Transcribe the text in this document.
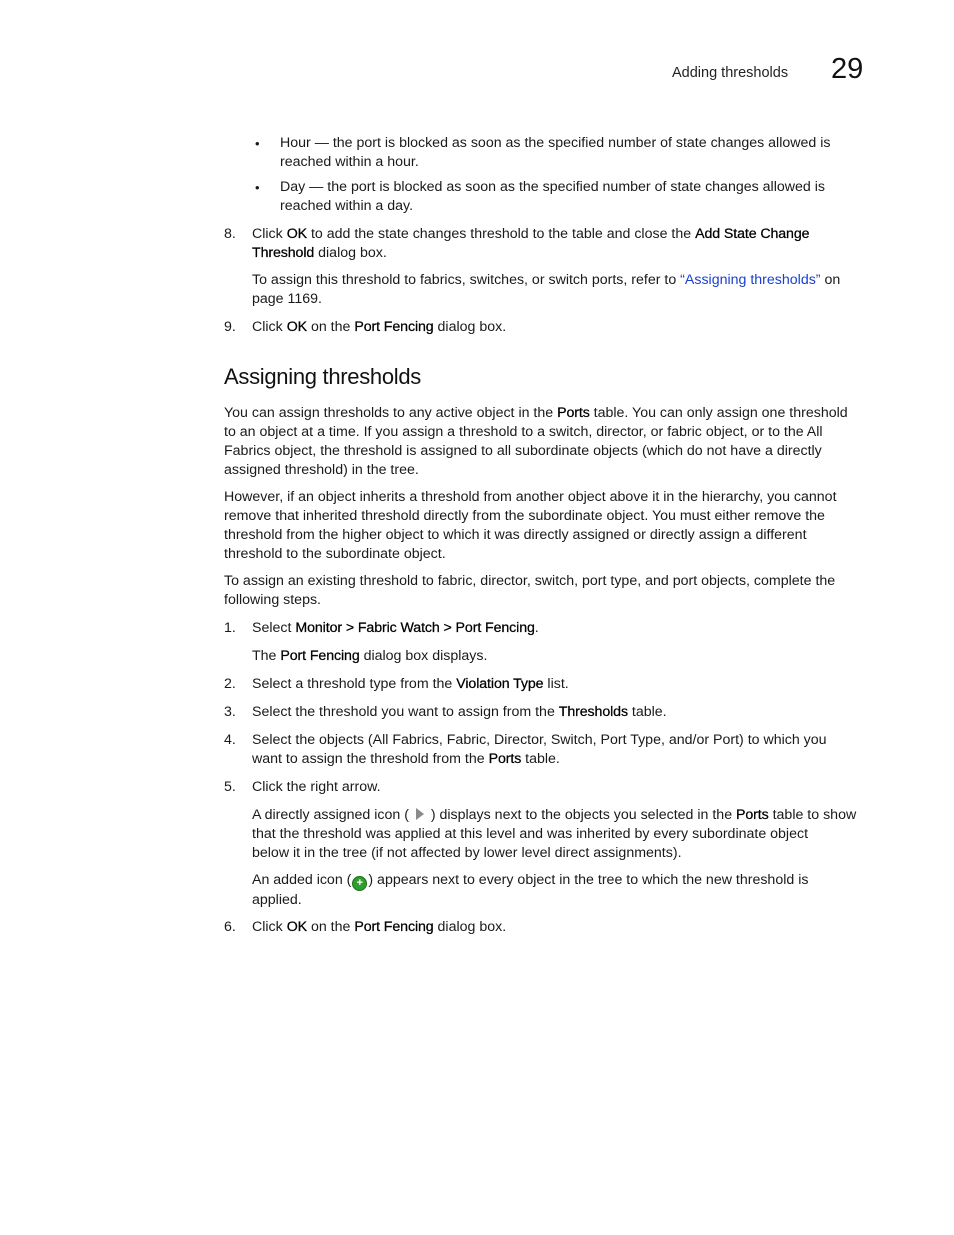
Adding thresholds 29
• Hour — the port is blocked as soon as the specified number of state changes allowed is
reached within a hour.
• Day — the port is blocked as soon as the specified number of state changes allowed is
reached within a day.
8. Click OK to add the state changes threshold to the table and close the Add State Change
Threshold dialog box.
To assign this threshold to fabrics, switches, or switch ports, refer to “Assigning thresholds” on
page 1169.
9. Click OK on the Port Fencing dialog box.
Assigning thresholds
You can assign thresholds to any active object in the Ports table. You can only assign one threshold
to an object at a time. If you assign a threshold to a switch, director, or fabric object, or to the All
Fabrics object, the threshold is assigned to all subordinate objects (which do not have a directly
assigned threshold) in the tree.
However, if an object inherits a threshold from another object above it in the hierarchy, you cannot
remove that inherited threshold directly from the subordinate object. You must either remove the
threshold from the higher object to which it was directly assigned or directly assign a different
threshold to the subordinate object.
To assign an existing threshold to fabric, director, switch, port type, and port objects, complete the
following steps.
1. Select Monitor > Fabric Watch > Port Fencing.
The Port Fencing dialog box displays.
2. Select a threshold type from the Violation Type list.
3. Select the threshold you want to assign from the Thresholds table.
4. Select the objects (All Fabrics, Fabric, Director, Switch, Port Type, and/or Port) to which you
want to assign the threshold from the Ports table.
5. Click the right arrow.
A directly assigned icon (  ) displays next to the objects you selected in the Ports table to show
that the threshold was applied at this level and was inherited by every subordinate object
below it in the tree (if not affected by lower level direct assignments).
An added icon ( + ) appears next to every object in the tree to which the new threshold is
applied.
6. Click OK on the Port Fencing dialog box.
